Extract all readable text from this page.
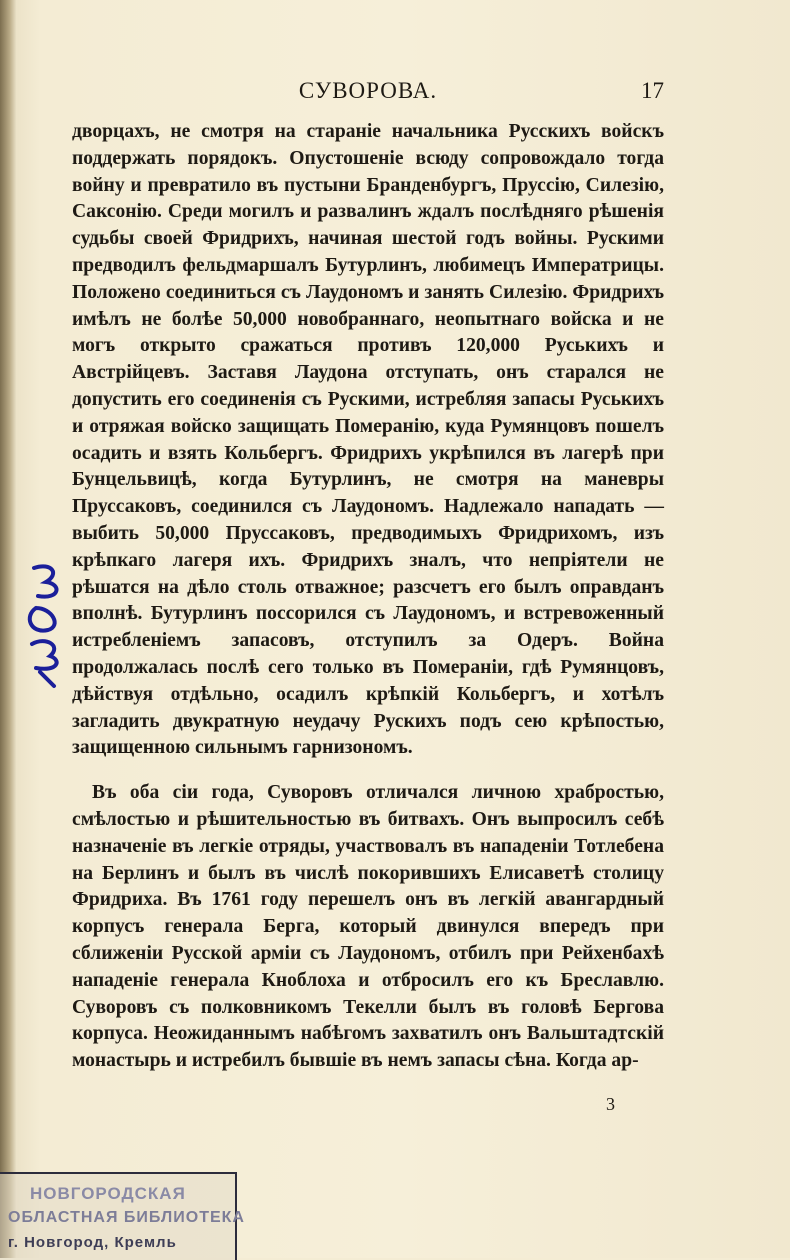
СУВОРОВА.	17

дворцахъ, не смотря на стараніе начальника Русскихъ войскъ поддержать порядокъ. Опустошеніе всюду сопровождало тогда войну и превратило въ пустыни Бранденбургъ, Пруссію, Силезію, Саксонію. Среди могилъ и развалинъ ждалъ послѣдняго рѣшенія судьбы своей Фридрихъ, начиная шестой годъ войны. Рускими предводилъ фельдмаршалъ Бутурлинъ, любимецъ Императрицы. Положено соединиться съ Лаудономъ и занять Силезію. Фридрихъ имѣлъ не болѣе 50,000 новобраннаго, неопытнаго войска и не могъ открыто сражаться противъ 120,000 Руськихъ и Австрійцевъ. Заставя Лаудона отступать, онъ старался не допустить его соединенія съ Рускими, истребляя запасы Руськихъ и отряжая войско защищать Померанію, куда Румянцовъ пошелъ осадить и взять Кольбергъ. Фридрихъ укрѣпился въ лагерѣ при Бунцельвицѣ, когда Бутурлинъ, не смотря на маневры Пруссаковъ, соединился съ Лаудономъ. Надлежало нападать — выбить 50,000 Пруссаковъ, предводимыхъ Фридрихомъ, изъ крѣпкаго лагеря ихъ. Фридрихъ зналъ, что непріятели не рѣшатся на дѣло столь отважное; разсчетъ его былъ оправданъ вполнѣ. Бутурлинъ поссорился съ Лаудономъ, и встревоженный истребленіемъ запасовъ, отступилъ за Одеръ. Война продолжалась послѣ сего только въ Помераніи, гдѣ Румянцовъ, дѣйствуя отдѣльно, осадилъ крѣпкій Кольбергъ, и хотѣлъ загладить двукратную неудачу Рускихъ подъ сею крѣпостью, защищенною сильнымъ гарнизономъ.

Въ оба сіи года, Суворовъ отличался личною храбростью, смѣлостью и рѣшительностью въ битвахъ. Онъ выпросилъ себѣ назначеніе въ легкіе отряды, участвовалъ въ нападеніи Тотлебена на Берлинъ и былъ въ числѣ покорившихъ Елисаветѣ столицу Фридриха. Въ 1761 году перешелъ онъ въ легкій авангардный корпусъ генерала Берга, который двинулся впередъ при сближеніи Русской арміи съ Лаудономъ, отбилъ при Рейхенбахѣ нападеніе генерала Кноблоха и отбросилъ его къ Бреславлю. Суворовъ съ полковникомъ Текелли былъ въ головѣ Бергова корпуса. Неожиданнымъ набѣгомъ захватилъ онъ Вальштадтскій монастырь и истребилъ бывшіе въ немъ запасы сѣна. Когда ар-

3
НОВГОРОДСКАЯ
ОБЛАСТНАЯ БИБЛИОТЕКА
г. Новгород, Кремль
